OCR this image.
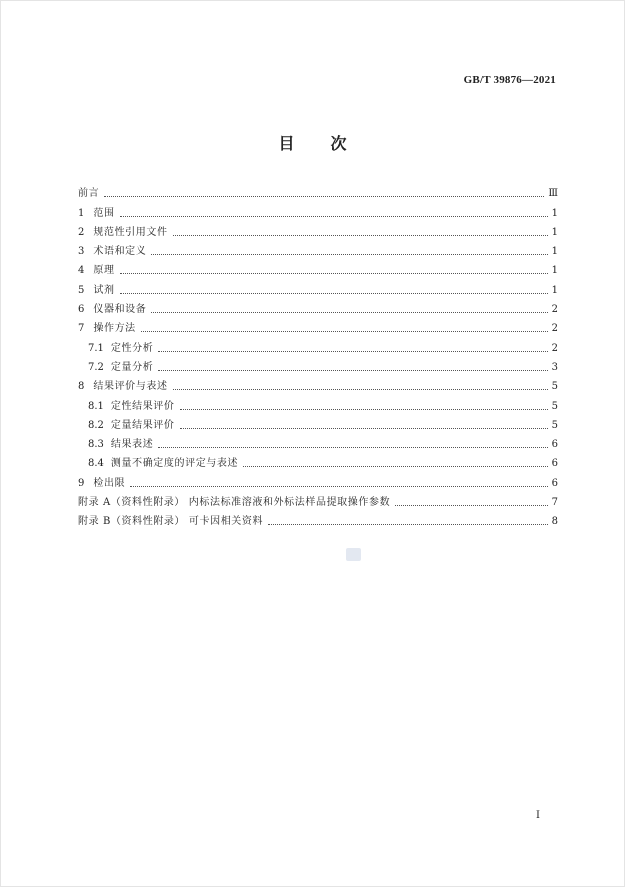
GB/T 39876—2021
目 次
前言	Ⅲ
1 范围	1
2 规范性引用文件	1
3 术语和定义	1
4 原理	1
5 试剂	1
6 仪器和设备	2
7 操作方法	2
7.1 定性分析	2
7.2 定量分析	3
8 结果评价与表述	5
8.1 定性结果评价	5
8.2 定量结果评价	5
8.3 结果表述	6
8.4 测量不确定度的评定与表述	6
9 检出限	6
附录 A（资料性附录） 内标法标准溶液和外标法样品提取操作参数	7
附录 B（资料性附录） 可卡因相关资料	8
I
